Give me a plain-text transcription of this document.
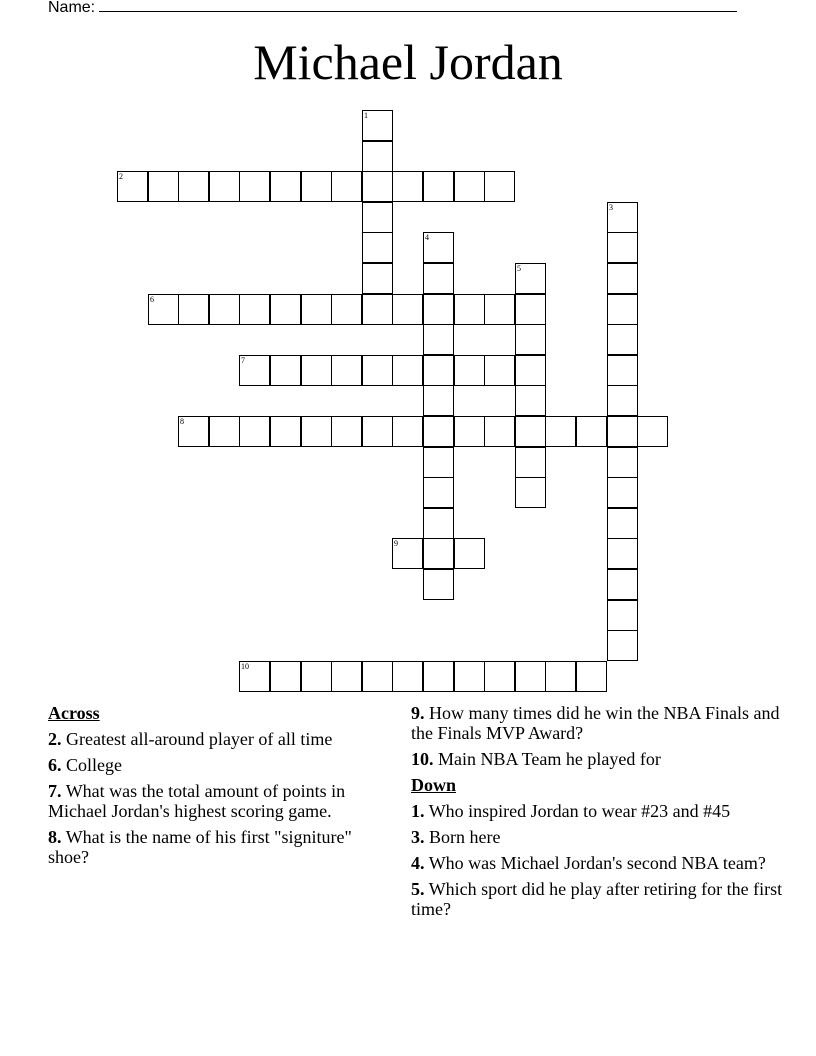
Name:
Michael Jordan
1
2
3
4
5
6
7
8
9
10
Across
2. Greatest all-around player of all time
6. College
7. What was the total amount of points in Michael Jordan's highest scoring game.
8. What is the name of his first "signiture" shoe?
9. How many times did he win the NBA Finals and the Finals MVP Award?
10. Main NBA Team he played for
Down
1. Who inspired Jordan to wear #23 and #45
3. Born here
4. Who was Michael Jordan's second NBA team?
5. Which sport did he play after retiring for the first time?
